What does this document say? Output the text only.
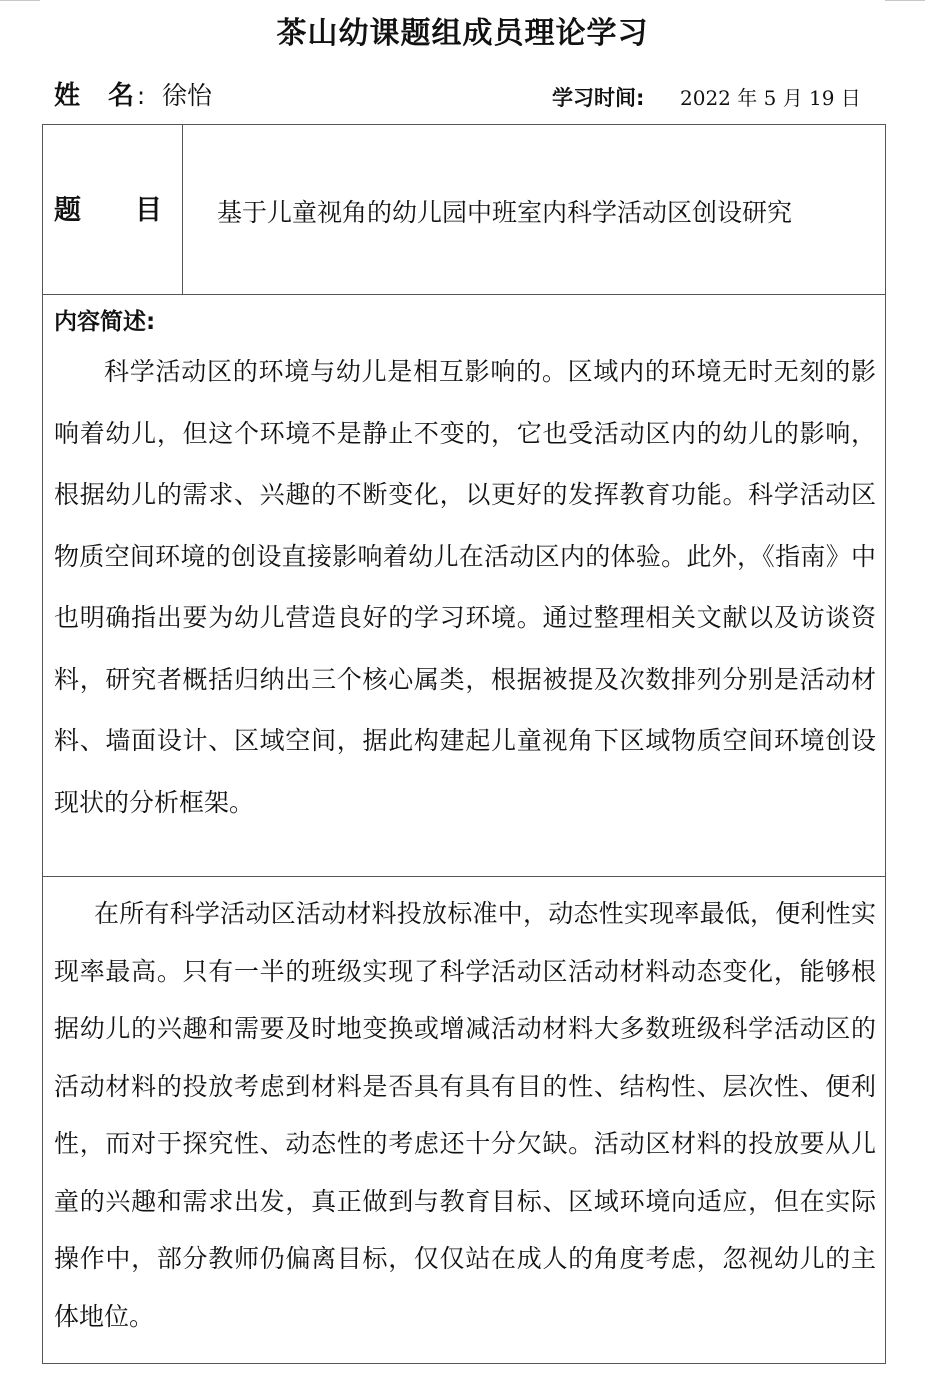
茶山幼课题组成员理论学习
姓　名 : 徐怡	学习时间: 2022 年 5 月 19 日
题　　目 基于儿童视角的幼儿园中班室内科学活动区创设研究
内容简述:

科学活动区的环境与幼儿是相互影响的。区域内的环境无时无刻的影响着幼儿，但这个环境不是静止不变的，它也受活动区内的幼儿的影响，根据幼儿的需求、兴趣的不断变化，以更好的发挥教育功能。科学活动区物质空间环境的创设直接影响着幼儿在活动区内的体验。此外，《指南》中也明确指出要为幼儿营造良好的学习环境。通过整理相关文献以及访谈资料，研究者概括归纳出三个核心属类，根据被提及次数排列分别是活动材料、墙面设计、区域空间，据此构建起儿童视角下区域物质空间环境创设现状的分析框架。

在所有科学活动区活动材料投放标准中，动态性实现率最低，便利性实现率最高。只有一半的班级实现了科学活动区活动材料动态变化，能够根据幼儿的兴趣和需要及时地变换或增减活动材料大多数班级科学活动区的活动材料的投放考虑到材料是否具有具有目的性、结构性、层次性、便利性，而对于探究性、动态性的考虑还十分欠缺。活动区材料的投放要从儿童的兴趣和需求出发，真正做到与教育目标、区域环境向适应，但在实际操作中，部分教师仍偏离目标，仅仅站在成人的角度考虑，忽视幼儿的主体地位。
